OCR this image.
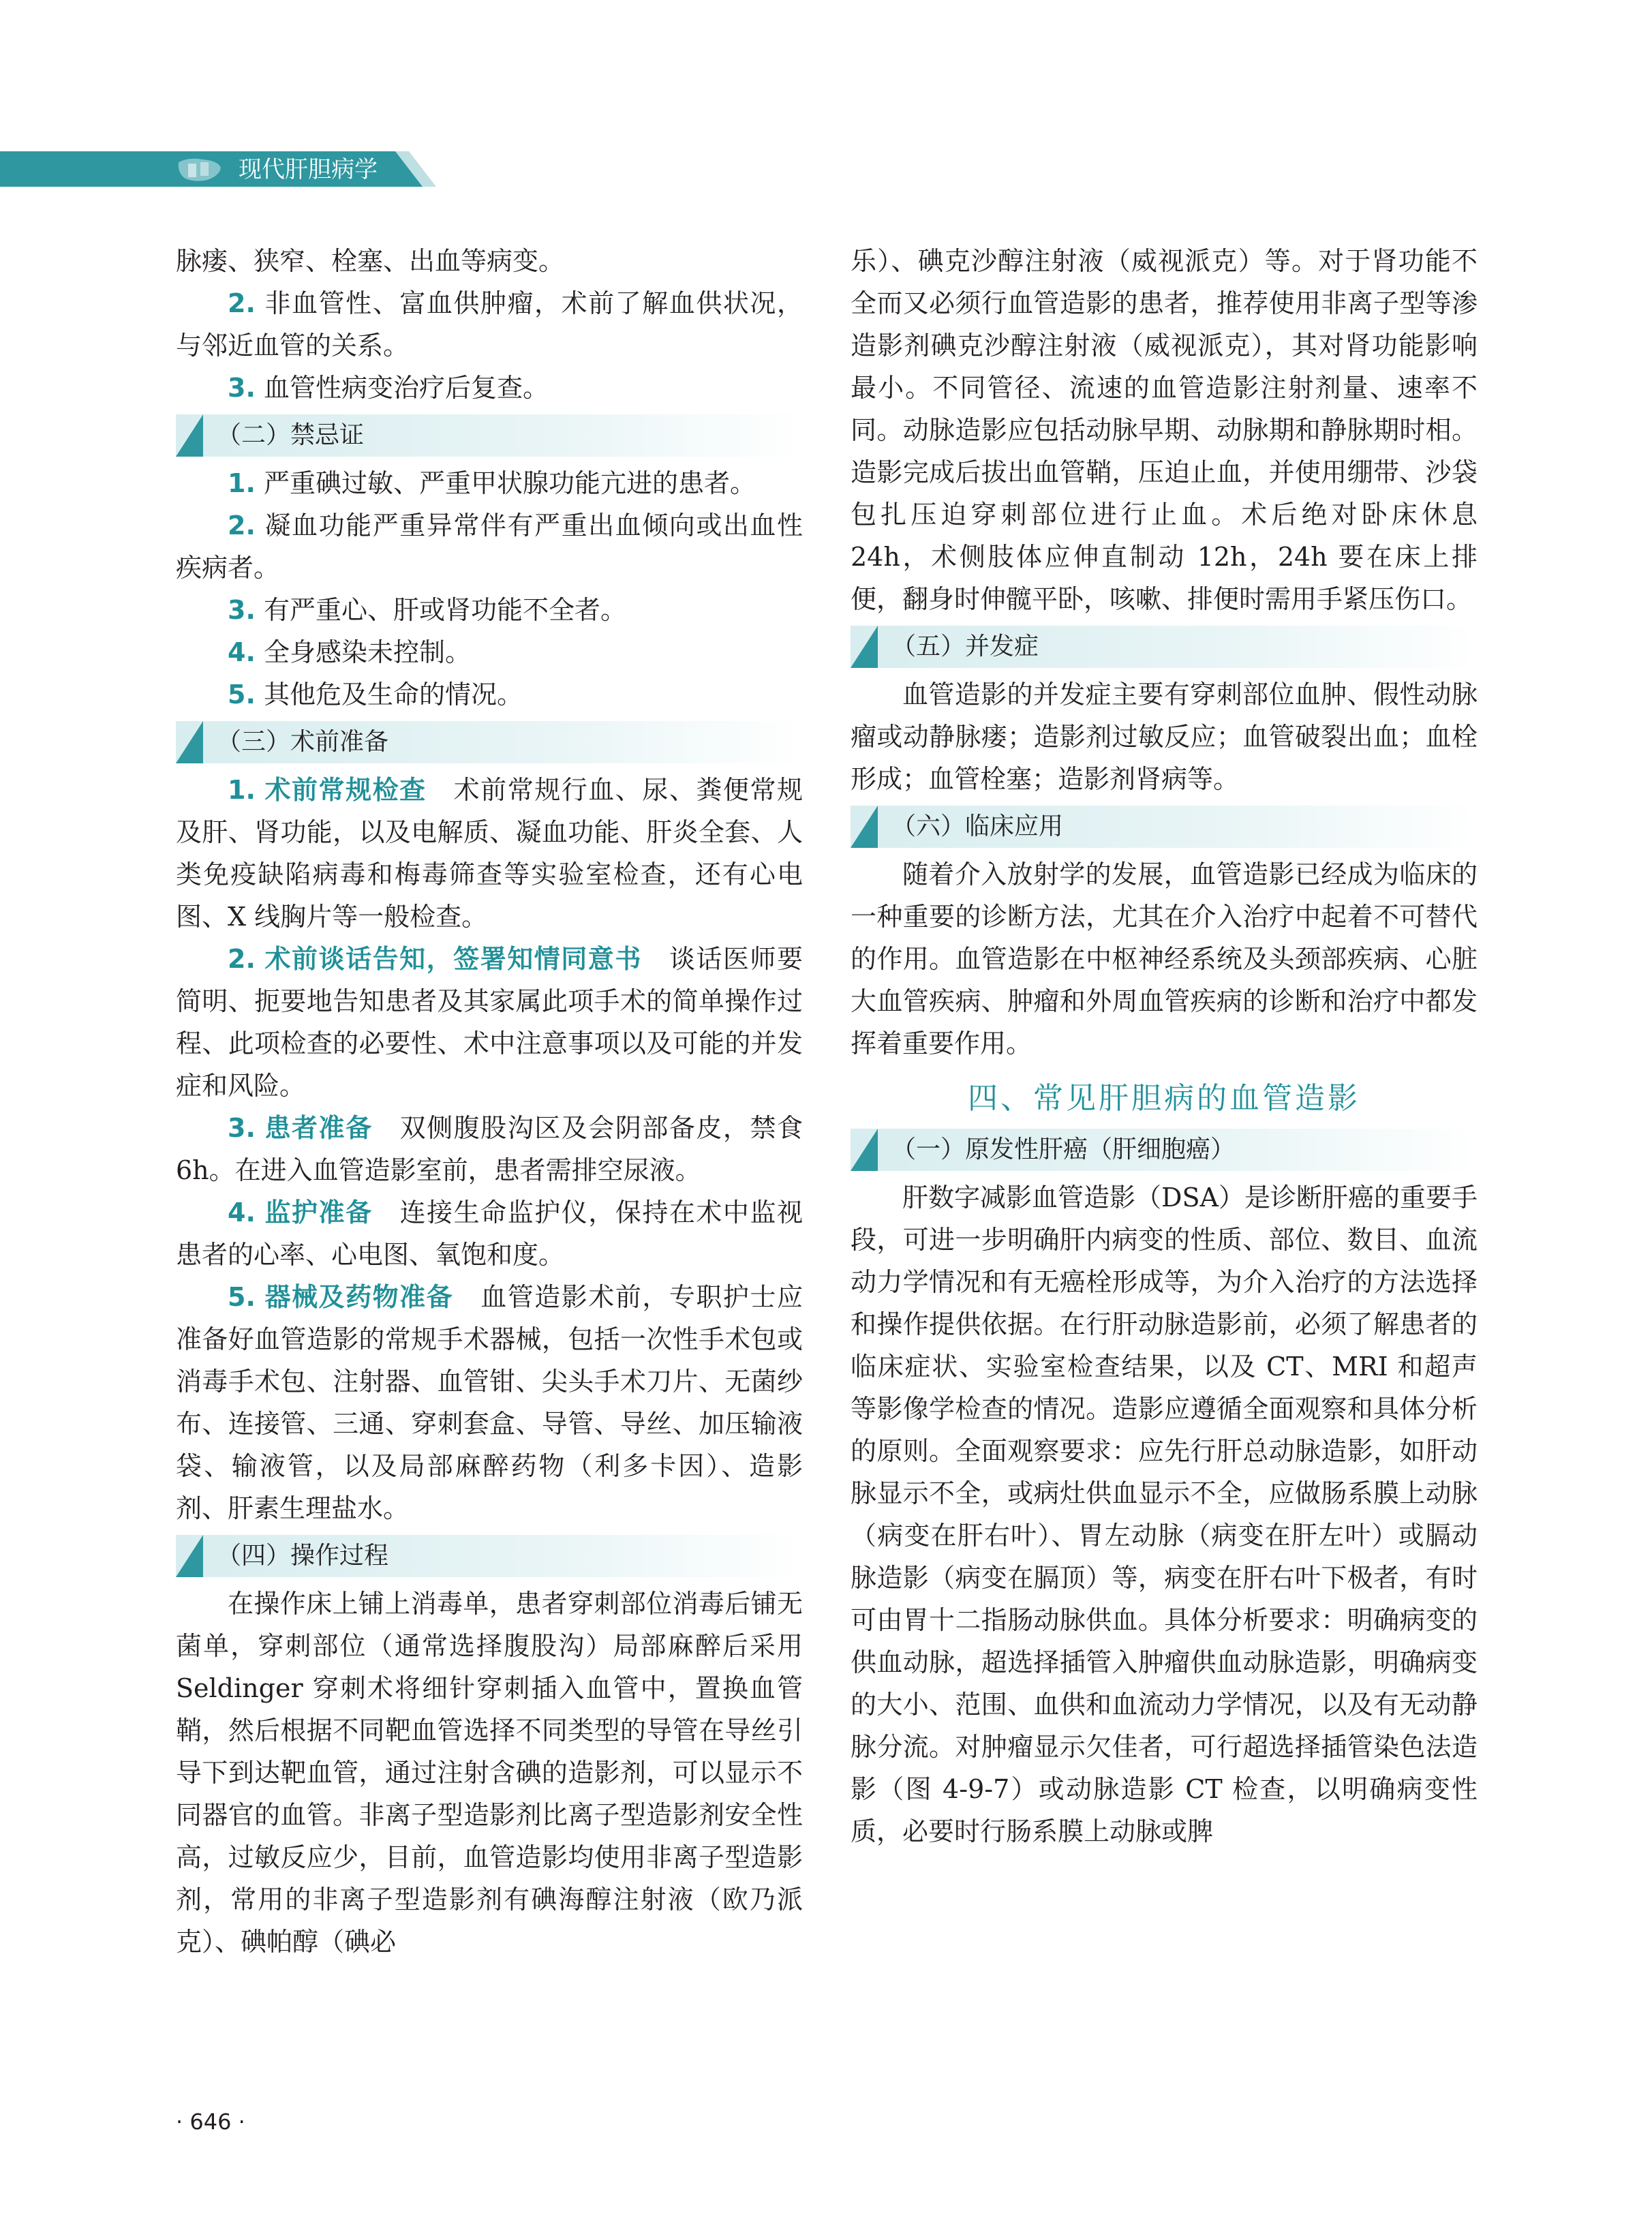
现代肝胆病学

脉瘘、狭窄、栓塞、出血等病变。

2. 非血管性、富血供肿瘤，术前了解血供状况，与邻近血管的关系。

3. 血管性病变治疗后复查。

（二）禁忌证

1. 严重碘过敏、严重甲状腺功能亢进的患者。

2. 凝血功能严重异常伴有严重出血倾向或出血性疾病者。

3. 有严重心、肝或肾功能不全者。

4. 全身感染未控制。

5. 其他危及生命的情况。

（三）术前准备

1. 术前常规检查 术前常规行血、尿、粪便常规及肝、肾功能，以及电解质、凝血功能、肝炎全套、人类免疫缺陷病毒和梅毒筛查等实验室检查，还有心电图、X 线胸片等一般检查。

2. 术前谈话告知，签署知情同意书 谈话医师要简明、扼要地告知患者及其家属此项手术的简单操作过程、此项检查的必要性、术中注意事项以及可能的并发症和风险。

3. 患者准备 双侧腹股沟区及会阴部备皮，禁食 6h。在进入血管造影室前，患者需排空尿液。

4. 监护准备 连接生命监护仪，保持在术中监视患者的心率、心电图、氧饱和度。

5. 器械及药物准备 血管造影术前，专职护士应准备好血管造影的常规手术器械，包括一次性手术包或消毒手术包、注射器、血管钳、尖头手术刀片、无菌纱布、连接管、三通、穿刺套盒、导管、导丝、加压输液袋、输液管，以及局部麻醉药物（利多卡因）、造影剂、肝素生理盐水。

（四）操作过程

在操作床上铺上消毒单，患者穿刺部位消毒后铺无菌单，穿刺部位（通常选择腹股沟）局部麻醉后采用 Seldinger 穿刺术将细针穿刺插入血管中，置换血管鞘，然后根据不同靶血管选择不同类型的导管在导丝引导下到达靶血管，通过注射含碘的造影剂，可以显示不同器官的血管。非离子型造影剂比离子型造影剂安全性高，过敏反应少，目前，血管造影均使用非离子型造影剂，常用的非离子型造影剂有碘海醇注射液（欧乃派克）、碘帕醇（碘必

乐）、碘克沙醇注射液（威视派克）等。对于肾功能不全而又必须行血管造影的患者，推荐使用非离子型等渗造影剂碘克沙醇注射液（威视派克），其对肾功能影响最小。不同管径、流速的血管造影注射剂量、速率不同。动脉造影应包括动脉早期、动脉期和静脉期时相。造影完成后拔出血管鞘，压迫止血，并使用绷带、沙袋包扎压迫穿刺部位进行止血。术后绝对卧床休息 24h，术侧肢体应伸直制动 12h，24h 要在床上排便，翻身时伸髋平卧，咳嗽、排便时需用手紧压伤口。

（五）并发症

血管造影的并发症主要有穿刺部位血肿、假性动脉瘤或动静脉瘘；造影剂过敏反应；血管破裂出血；血栓形成；血管栓塞；造影剂肾病等。

（六）临床应用

随着介入放射学的发展，血管造影已经成为临床的一种重要的诊断方法，尤其在介入治疗中起着不可替代的作用。血管造影在中枢神经系统及头颈部疾病、心脏大血管疾病、肿瘤和外周血管疾病的诊断和治疗中都发挥着重要作用。

四、常见肝胆病的血管造影
（一）原发性肝癌（肝细胞癌）

肝数字减影血管造影（DSA）是诊断肝癌的重要手段，可进一步明确肝内病变的性质、部位、数目、血流动力学情况和有无癌栓形成等，为介入治疗的方法选择和操作提供依据。在行肝动脉造影前，必须了解患者的临床症状、实验室检查结果，以及 CT、MRI 和超声等影像学检查的情况。造影应遵循全面观察和具体分析的原则。全面观察要求：应先行肝总动脉造影，如肝动脉显示不全，或病灶供血显示不全，应做肠系膜上动脉（病变在肝右叶）、胃左动脉（病变在肝左叶）或膈动脉造影（病变在膈顶）等，病变在肝右叶下极者，有时可由胃十二指肠动脉供血。具体分析要求：明确病变的供血动脉，超选择插管入肿瘤供血动脉造影，明确病变的大小、范围、血供和血流动力学情况，以及有无动静脉分流。对肿瘤显示欠佳者，可行超选择插管染色法造影（图 4-9-7）或动脉造影 CT 检查，以明确病变性质，必要时行肠系膜上动脉或脾

· 646 ·
